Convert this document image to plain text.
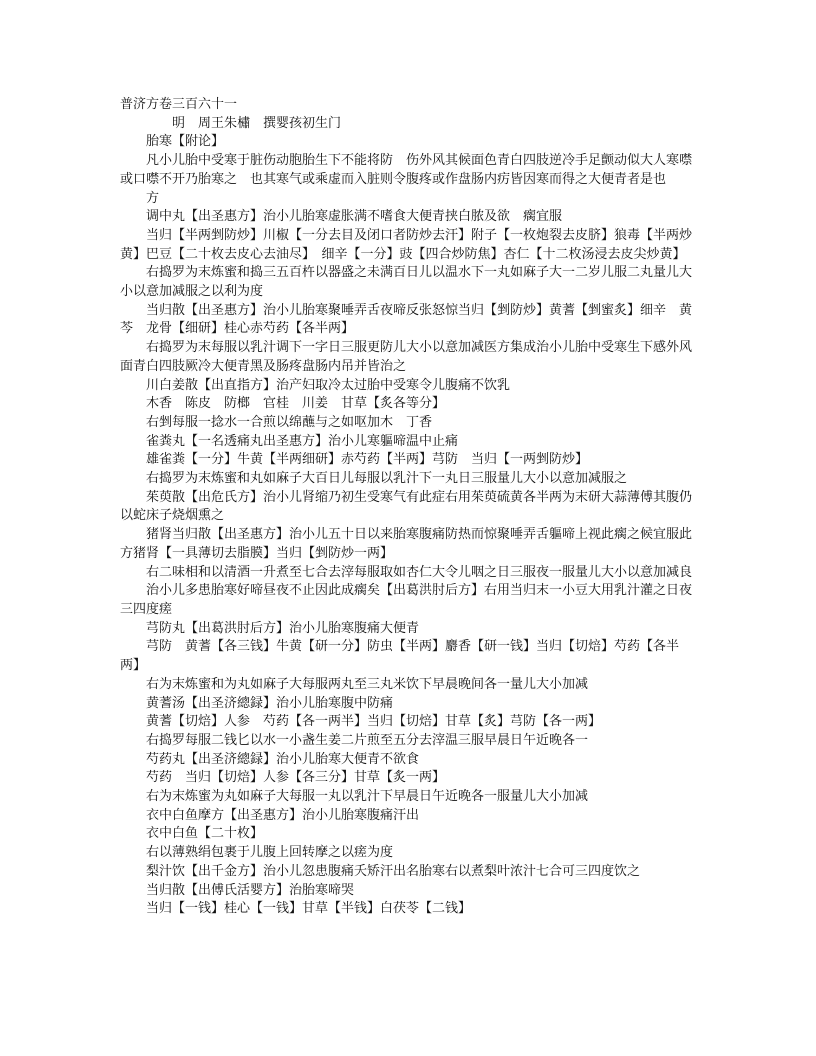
普济方卷三百六十一

明　周王朱橚　撰婴孩初生门

胎寒【附论】

凡小儿胎中受寒于脏伤动胞胎生下不能将防　伤外风其候面色青白四肢逆冷手足颤动似大人寒噤或口噤不开乃胎寒之　也其寒气或乘虚而入脏则令腹疼或作盘肠内疠皆因寒而得之大便青者是也

方

调中丸【出圣惠方】治小儿胎寒虚胀满不嗜食大便青挟白脓及欲　瘸宜服

当归【半两剉防炒】川椒【一分去目及闭口者防炒去汗】附子【一枚炮裂去皮脐】狼毒【半两炒黄】巴豆【二十枚去皮心去油尽】　细辛【一分】豉【四合炒防焦】杏仁【十二枚汤浸去皮尖炒黄】

右捣罗为末炼蜜和捣三五百杵以器盛之未满百日儿以温水下一丸如麻子大一二岁儿服二丸量儿大小以意加减服之以利为度

当归散【出圣惠方】治小儿胎寒聚唾弄舌夜啼反张怒惊当归【剉防炒】黄蓍【剉蜜炙】细辛　黄芩　龙骨【细研】桂心赤芍药【各半两】

右捣罗为末每服以乳汁调下一字日三服更防儿大小以意加减医方集成治小儿胎中受寒生下感外风面青白四肢厥冷大便青黑及肠疼盘肠内吊并皆治之

川白姜散【出直指方】治产妇取冷太过胎中受寒令儿腹痛不饮乳

木香　陈皮　防榔　官桂　川姜　甘草【炙各等分】

右剉每服一捻水一合煎以绵蘸与之如呕加木　丁香

雀粪丸【一名透痛丸出圣惠方】治小儿寒軀啼温中止痛

雄雀粪【一分】牛黄【半两细研】赤芍药【半两】芎防　当归【一两剉防炒】

右捣罗为末炼蜜和丸如麻子大百日儿每服以乳汁下一丸日三服量儿大小以意加减服之

茱萸散【出危氏方】治小儿肾缩乃初生受寒气有此症右用茱萸硫黄各半两为末研大蒜薄傅其腹仍以蛇床子烧烟熏之

猪肾当归散【出圣惠方】治小儿五十日以来胎寒腹痛防热而惊聚唾弄舌軀啼上视此瘸之候宜服此方猪肾【一具薄切去脂膜】当归【剉防炒一两】

右二味相和以清酒一升煮至七合去滓每服取如杏仁大令儿咽之日三服夜一服量儿大小以意加减良

治小儿多患胎寒好啼昼夜不止因此成瘸矣【出葛洪肘后方】右用当归末一小豆大用乳汁灌之日夜三四度瘥

芎防丸【出葛洪肘后方】治小儿胎寒腹痛大便青

芎防　黄蓍【各三钱】牛黄【研一分】防虫【半两】麝香【研一钱】当归【切焙】芍药【各半两】

右为末炼蜜和为丸如麻子大每服两丸至三丸米饮下早晨晚间各一量儿大小加减

黄蓍汤【出圣济總録】治小儿胎寒腹中防痛

黄蓍【切焙】人参　芍药【各一两半】当归【切焙】甘草【炙】芎防【各一两】

右捣罗每服二钱匕以水一小盏生姜二片煎至五分去滓温三服早晨日午近晚各一

芍药丸【出圣济總録】治小儿胎寒大便青不欲食

芍药　当归【切焙】人参【各三分】甘草【炙一两】

右为末炼蜜为丸如麻子大每服一丸以乳汁下早晨日午近晚各一服量儿大小加减

衣中白鱼摩方【出圣惠方】治小儿胎寒腹痛汗出

衣中白鱼【二十枚】

右以薄熟绢包裹于儿腹上回转摩之以瘥为度

梨汁饮【出千金方】治小儿忽患腹痛夭矫汗出名胎寒右以煮梨叶浓汁七合可三四度饮之

当归散【出傅氏活婴方】治胎寒啼哭

当归【一钱】桂心【一钱】甘草【半钱】白茯苓【二钱】
